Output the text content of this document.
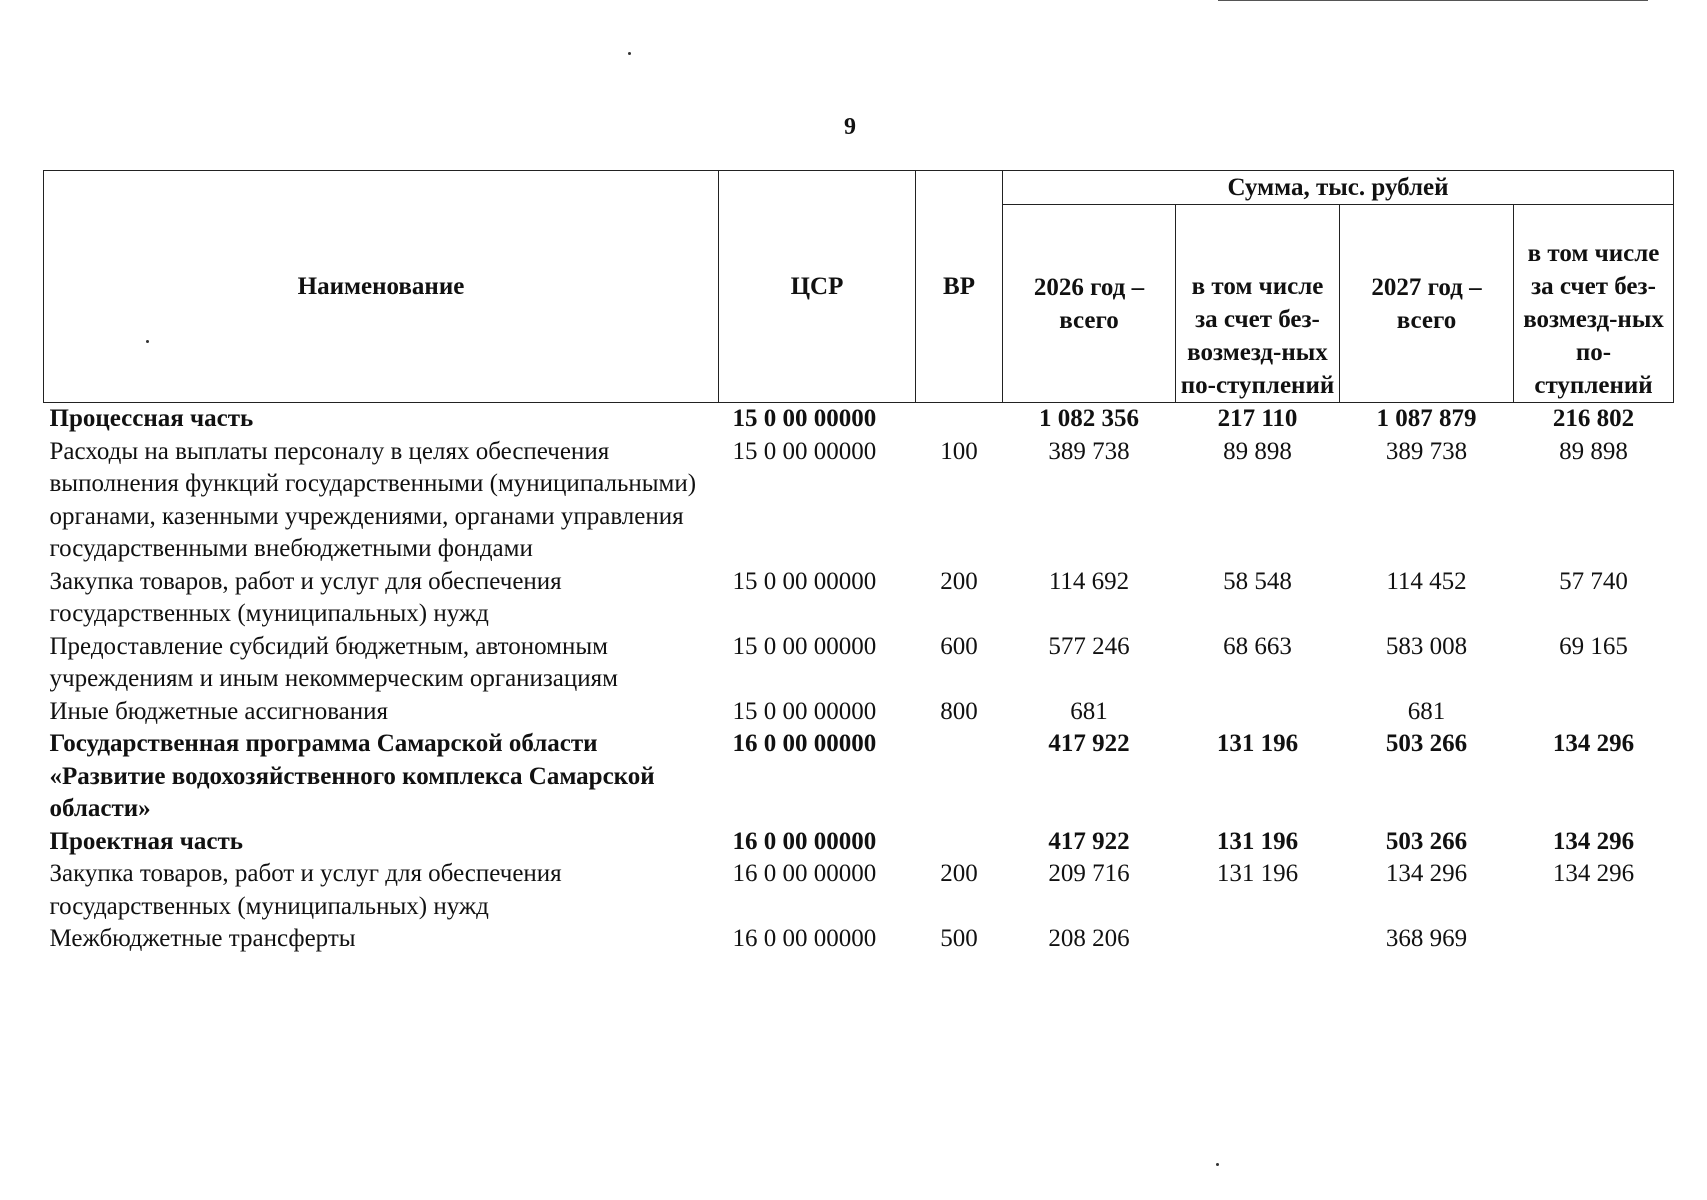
9
Наименование	ЦСР	ВР	Сумма, тыс. рублей			
			2026 год – всего	в том числе за счет без-возмезд-ных по-ступлений	2027 год – всего	в том числе за счет без-возмезд-ных по-ступлений
Процессная часть	15 0 00 00000		1 082 356	217 110	1 087 879	216 802
Расходы на выплаты персоналу в целях обеспечения выполнения функций государственными (муниципальными) органами, казенными учреждениями, органами управления государственными внебюджетными фондами	15 0 00 00000	100	389 738	89 898	389 738	89 898
Закупка товаров, работ и услуг для обеспечения государственных (муниципальных) нужд	15 0 00 00000	200	114 692	58 548	114 452	57 740
Предоставление субсидий бюджетным, автономным учреждениям и иным некоммерческим организациям	15 0 00 00000	600	577 246	68 663	583 008	69 165
Иные бюджетные ассигнования	15 0 00 00000	800	681		681	
Государственная программа Самарской области «Развитие водохозяйственного комплекса Самарской области»	16 0 00 00000		417 922	131 196	503 266	134 296
Проектная часть	16 0 00 00000		417 922	131 196	503 266	134 296
Закупка товаров, работ и услуг для обеспечения государственных (муниципальных) нужд	16 0 00 00000	200	209 716	131 196	134 296	134 296
Межбюджетные трансферты	16 0 00 00000	500	208 206		368 969	
